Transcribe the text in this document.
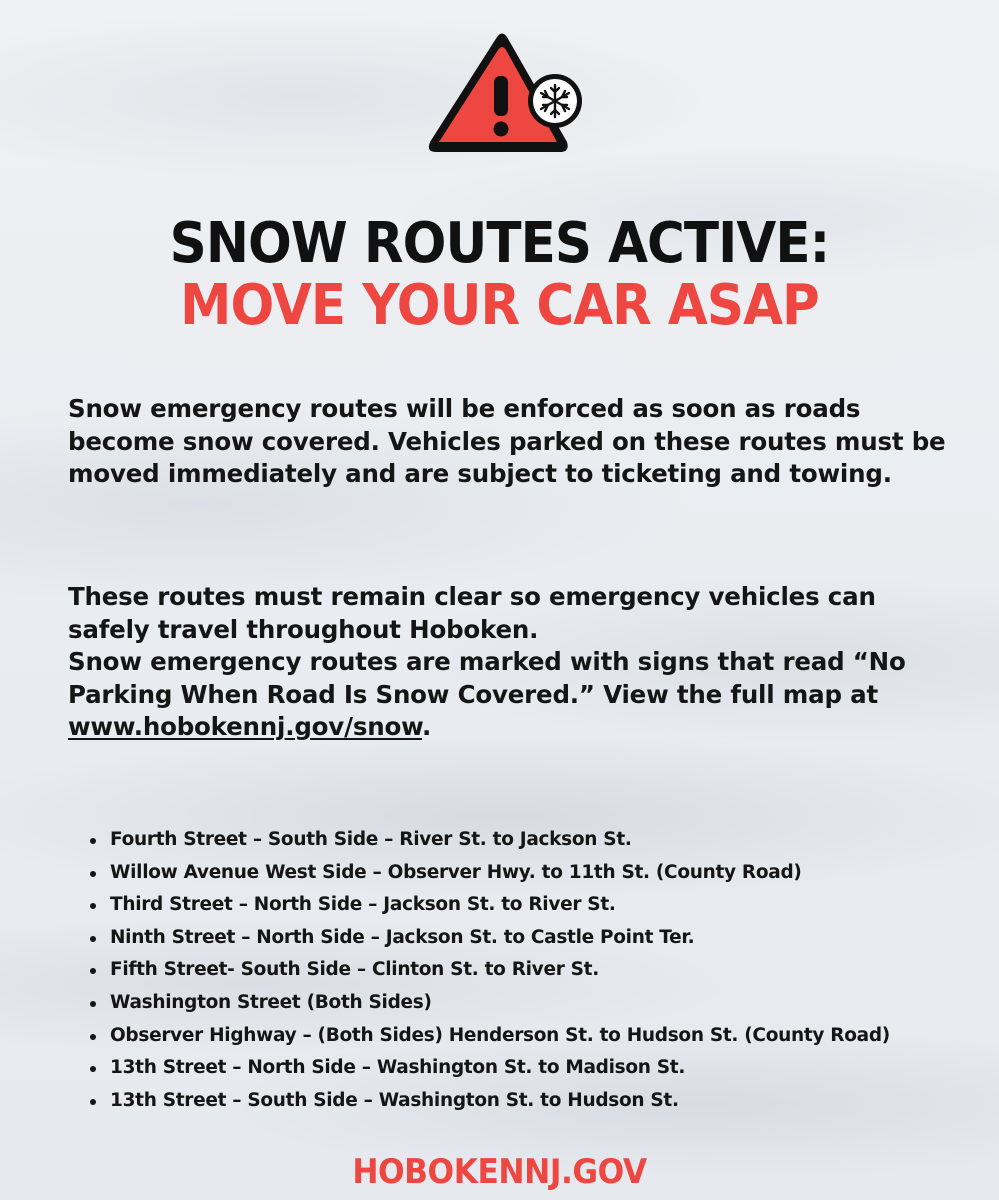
SNOW ROUTES ACTIVE:
MOVE YOUR CAR ASAP

Snow emergency routes will be enforced as soon as roads become snow covered. Vehicles parked on these routes must be moved immediately and are subject to ticketing and towing.

These routes must remain clear so emergency vehicles can safely travel throughout Hoboken.

Snow emergency routes are marked with signs that read “No Parking When Road Is Snow Covered.” View the full map at www.hobokennj.gov/snow.

Fourth Street – South Side – River St. to Jackson St.
Willow Avenue West Side – Observer Hwy. to 11th St. (County Road)
Third Street – North Side – Jackson St. to River St.
Ninth Street – North Side – Jackson St. to Castle Point Ter.
Fifth Street- South Side – Clinton St. to River St.
Washington Street (Both Sides)
Observer Highway – (Both Sides) Henderson St. to Hudson St. (County Road)
13th Street – North Side – Washington St. to Madison St.
13th Street – South Side – Washington St. to Hudson St.
HOBOKENNJ.GOV
